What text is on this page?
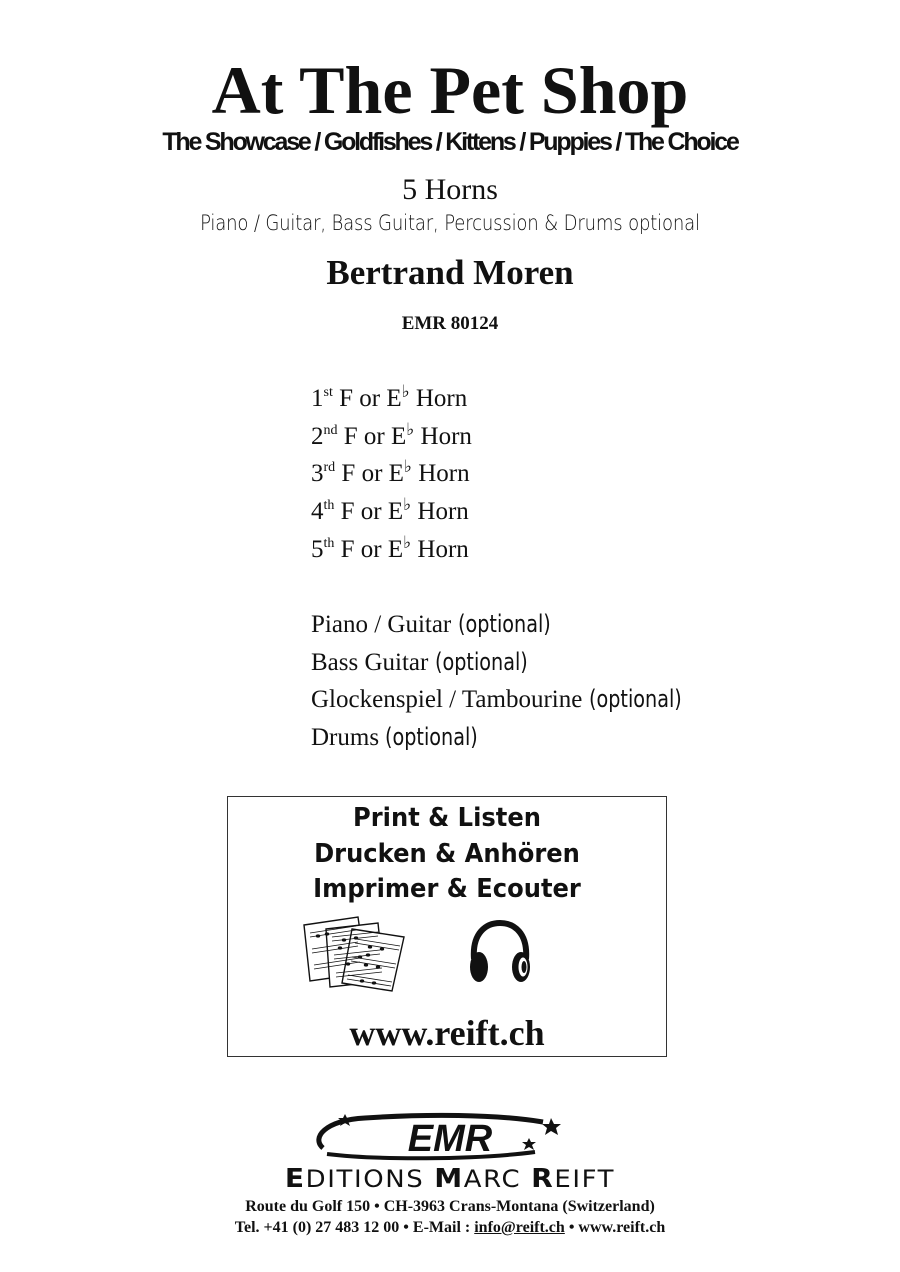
At The Pet Shop
The Showcase / Goldfishes / Kittens / Puppies / The Choice
5 Horns
Piano / Guitar, Bass Guitar, Percussion & Drums optional
Bertrand Moren
EMR 80124
1st F or E♭ Horn
2nd F or E♭ Horn
3rd F or E♭ Horn
4th F or E♭ Horn
5th F or E♭ Horn
Piano / Guitar (optional)
Bass Guitar (optional)
Glockenspiel / Tambourine (optional)
Drums (optional)
Print & Listen
Drucken & Anhören
Imprimer & Ecouter
www.reift.ch
EMR
EDITIONS MARC REIFT
Route du Golf 150 • CH-3963 Crans-Montana (Switzerland)
Tel. +41 (0) 27 483 12 00 • E-Mail : info@reift.ch • www.reift.ch
